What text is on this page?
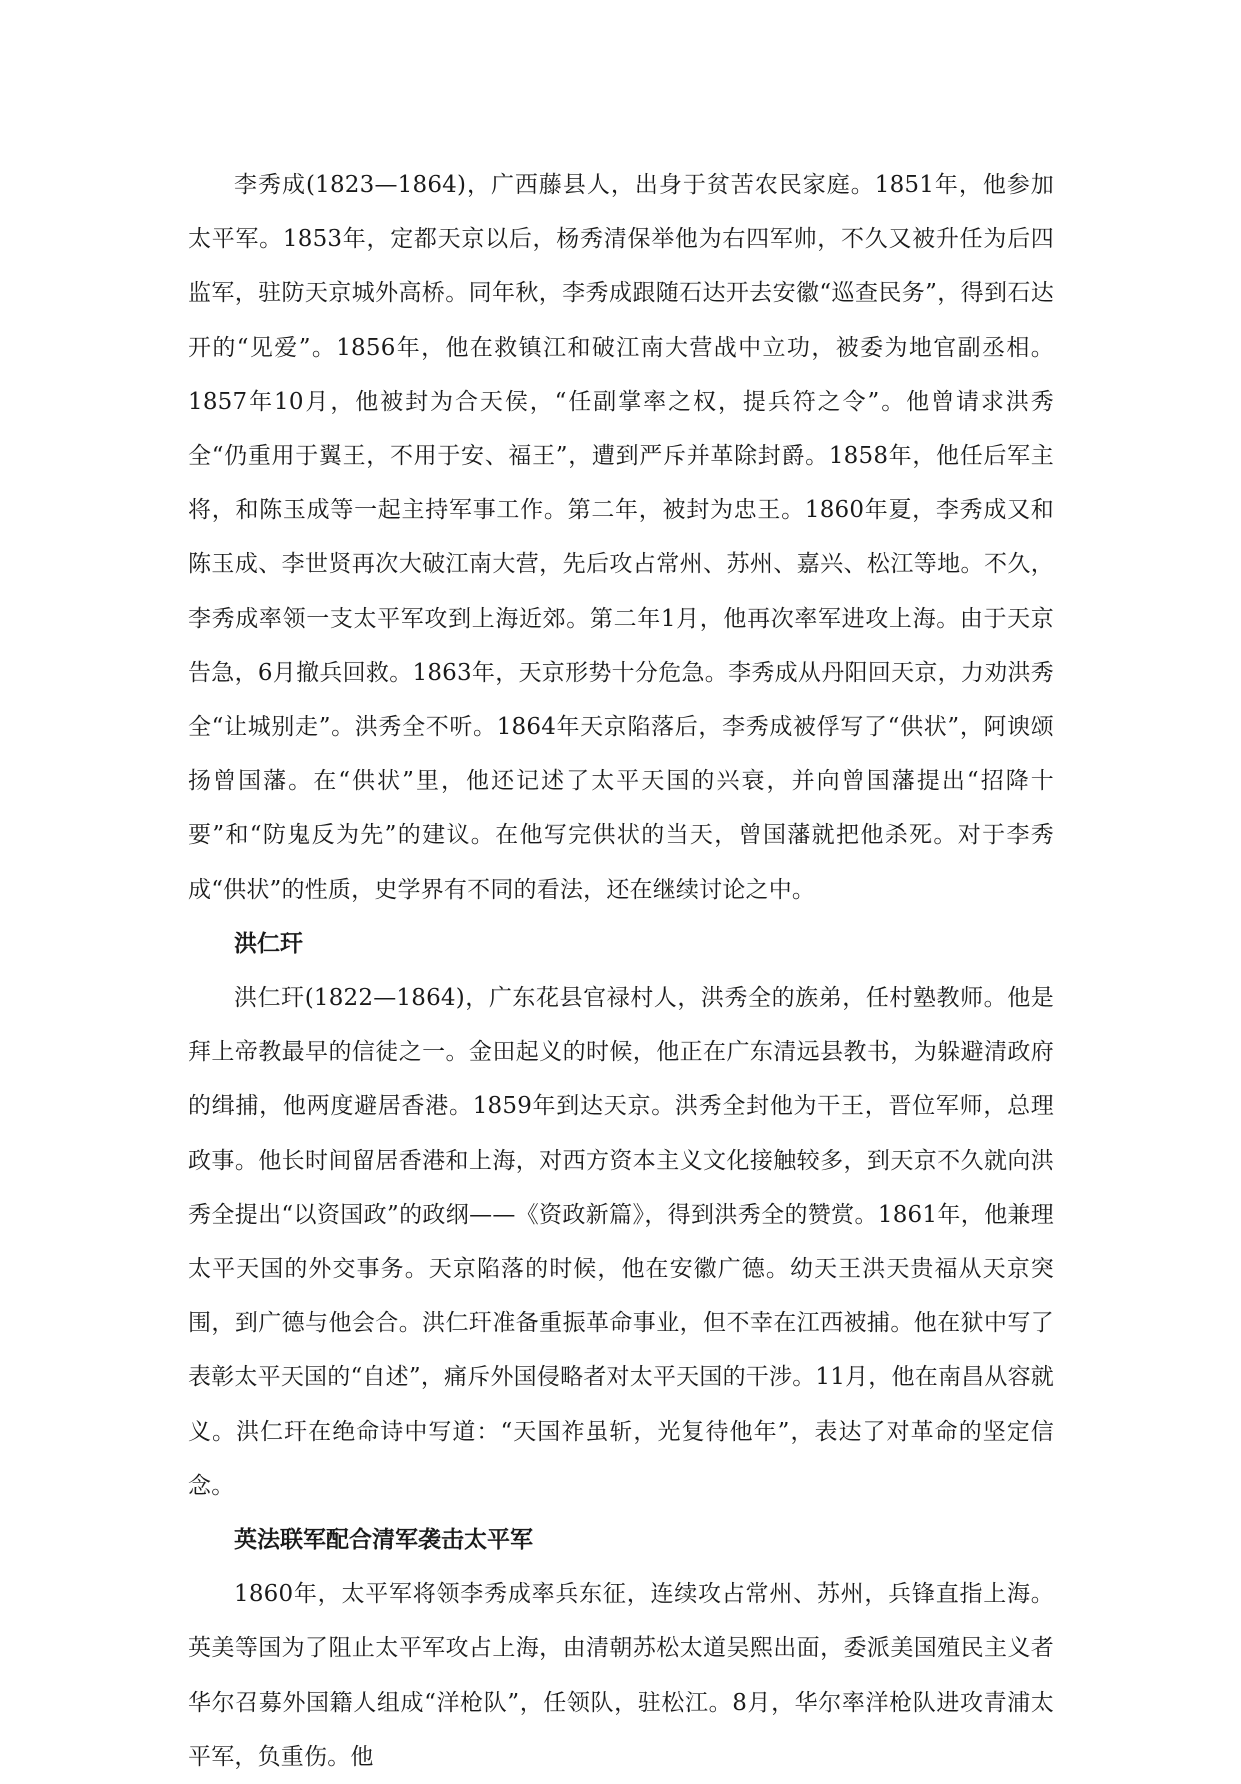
李秀成(1823—1864)，广西藤县人，出身于贫苦农民家庭。1851年，他参加太平军。1853年，定都天京以后，杨秀清保举他为右四军帅，不久又被升任为后四监军，驻防天京城外高桥。同年秋，李秀成跟随石达开去安徽“巡查民务”，得到石达开的“见爱”。1856年，他在救镇江和破江南大营战中立功，被委为地官副丞相。1857年10月，他被封为合天侯，“任副掌率之权，提兵符之令”。他曾请求洪秀全“仍重用于翼王，不用于安、福王”，遭到严斥并革除封爵。1858年，他任后军主将，和陈玉成等一起主持军事工作。第二年，被封为忠王。1860年夏，李秀成又和陈玉成、李世贤再次大破江南大营，先后攻占常州、苏州、嘉兴、松江等地。不久，李秀成率领一支太平军攻到上海近郊。第二年1月，他再次率军进攻上海。由于天京告急，6月撤兵回救。1863年，天京形势十分危急。李秀成从丹阳回天京，力劝洪秀全“让城别走”。洪秀全不听。1864年天京陷落后，李秀成被俘写了“供状”，阿谀颂扬曾国藩。在“供状”里，他还记述了太平天国的兴衰，并向曾国藩提出“招降十要”和“防鬼反为先”的建议。在他写完供状的当天，曾国藩就把他杀死。对于李秀成“供状”的性质，史学界有不同的看法，还在继续讨论之中。

洪仁玕

洪仁玕(1822—1864)，广东花县官禄村人，洪秀全的族弟，任村塾教师。他是拜上帝教最早的信徒之一。金田起义的时候，他正在广东清远县教书，为躲避清政府的缉捕，他两度避居香港。1859年到达天京。洪秀全封他为干王，晋位军师，总理政事。他长时间留居香港和上海，对西方资本主义文化接触较多，到天京不久就向洪秀全提出“以资国政”的政纲——《资政新篇》，得到洪秀全的赞赏。1861年，他兼理太平天国的外交事务。天京陷落的时候，他在安徽广德。幼天王洪天贵福从天京突围，到广德与他会合。洪仁玕准备重振革命事业，但不幸在江西被捕。他在狱中写了表彰太平天国的“自述”，痛斥外国侵略者对太平天国的干涉。11月，他在南昌从容就义。洪仁玕在绝命诗中写道：“天国祚虽斩，光复待他年”，表达了对革命的坚定信念。

英法联军配合清军袭击太平军

1860年，太平军将领李秀成率兵东征，连续攻占常州、苏州，兵锋直指上海。英美等国为了阻止太平军攻占上海，由清朝苏松太道吴熙出面，委派美国殖民主义者华尔召募外国籍人组成“洋枪队”，任领队，驻松江。8月，华尔率洋枪队进攻青浦太平军，负重伤。他
